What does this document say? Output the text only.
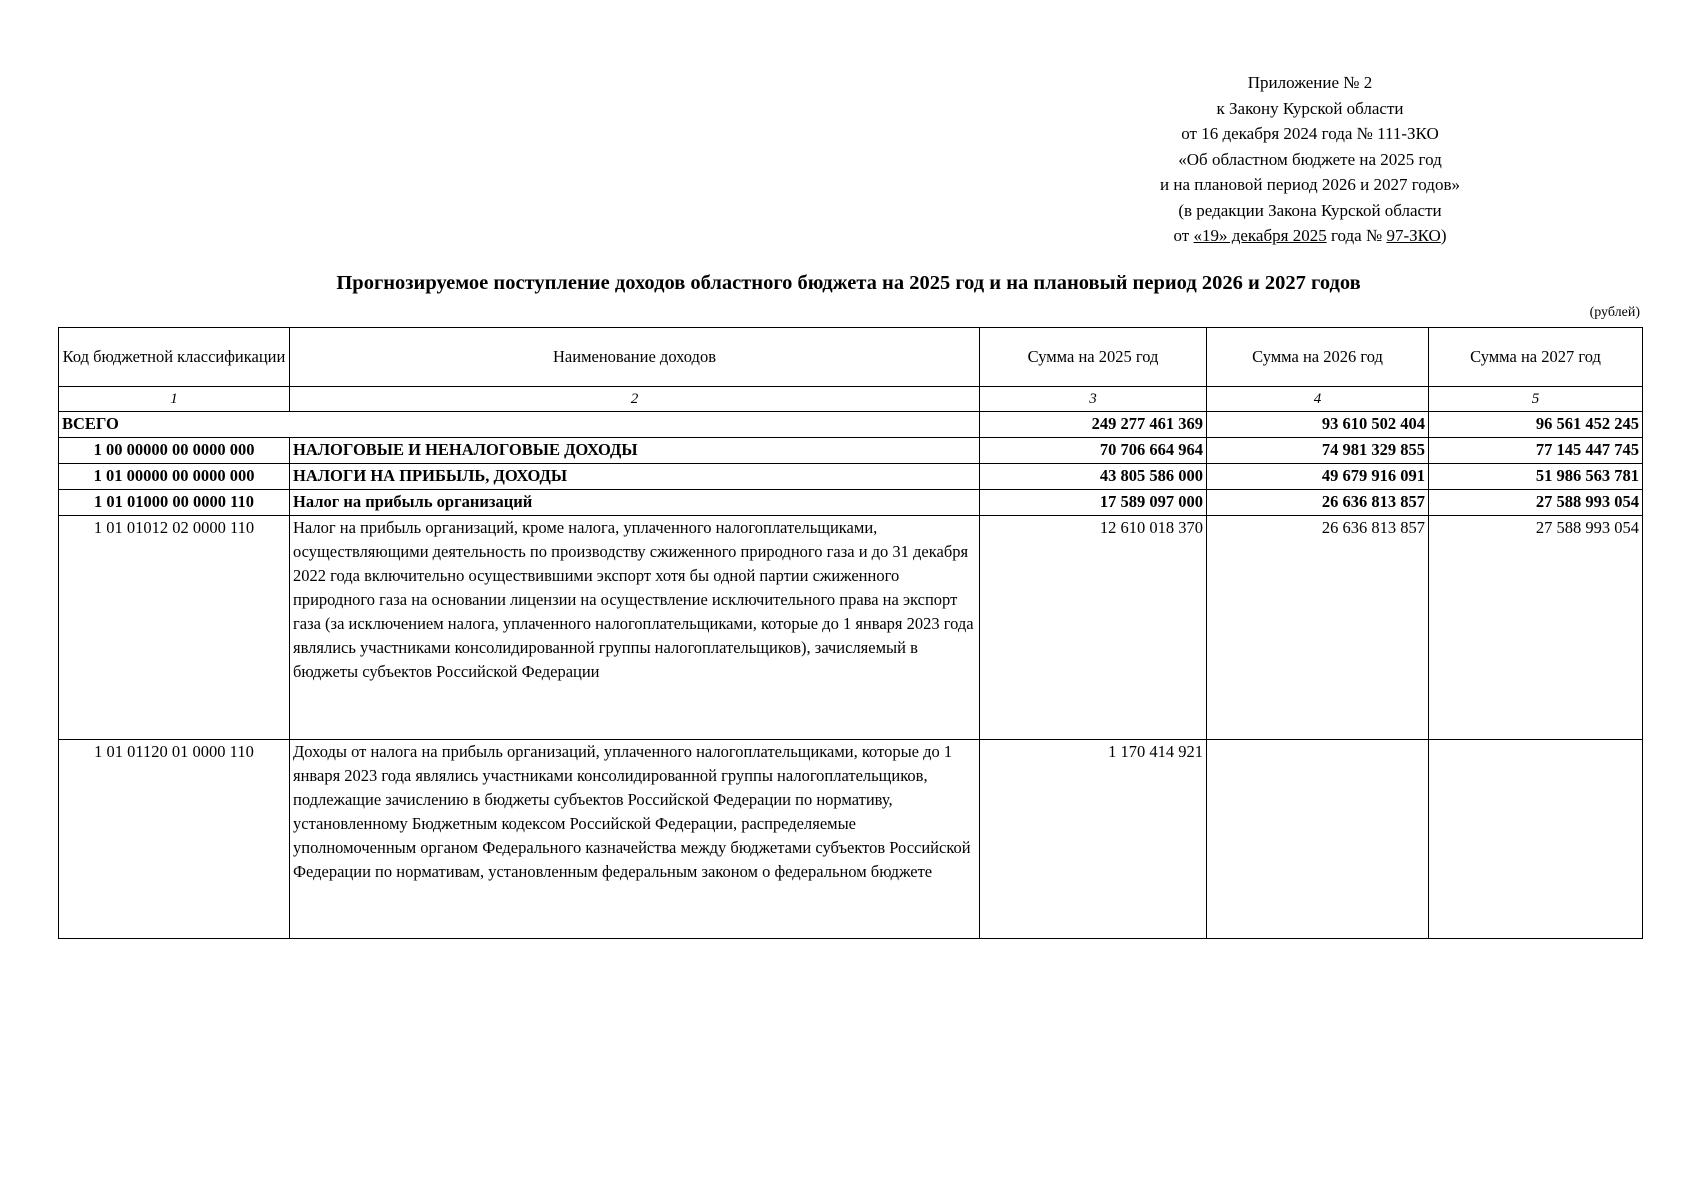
Приложение № 2
к Закону Курской области
от 16 декабря 2024 года № 111-ЗКО
«Об областном бюджете на 2025 год
и на плановой период 2026 и 2027 годов»
(в редакции Закона Курской области
от «19» декабря 2025 года № 97-ЗКО)
Прогнозируемое поступление доходов областного бюджета на 2025 год и на плановый период 2026 и 2027 годов
(рублей)
Код бюджетной классификации	Наименование доходов	Сумма на 2025 год	Сумма на 2026 год	Сумма на 2027 год
1	2	3	4	5
ВСЕГО		249 277 461 369	93 610 502 404	96 561 452 245
1 00 00000 00 0000 000	НАЛОГОВЫЕ И НЕНАЛОГОВЫЕ ДОХОДЫ	70 706 664 964	74 981 329 855	77 145 447 745
1 01 00000 00 0000 000	НАЛОГИ НА ПРИБЫЛЬ, ДОХОДЫ	43 805 586 000	49 679 916 091	51 986 563 781
1 01 01000 00 0000 110	Налог на прибыль организаций	17 589 097 000	26 636 813 857	27 588 993 054
1 01 01012 02 0000 110	Налог на прибыль организаций, кроме налога, уплаченного налогоплательщиками, осуществляющими деятельность по производству сжиженного природного газа и до 31 декабря 2022 года включительно осуществившими экспорт хотя бы одной партии сжиженного природного газа на основании лицензии на осуществление исключительного права на экспорт газа (за исключением налога, уплаченного налогоплательщиками, которые до 1 января 2023 года являлись участниками консолидированной группы налогоплательщиков), зачисляемый в бюджеты субъектов Российской Федерации	12 610 018 370	26 636 813 857	27 588 993 054
1 01 01120 01 0000 110	Доходы от налога на прибыль организаций, уплаченного налогоплательщиками, которые до 1 января 2023 года являлись участниками консолидированной группы налогоплательщиков, подлежащие зачислению в бюджеты субъектов Российской Федерации по нормативу, установленному Бюджетным кодексом Российской Федерации, распределяемые уполномоченным органом Федерального казначейства между бюджетами субъектов Российской Федерации по нормативам, установленным федеральным законом о федеральном бюджете	1 170 414 921		
